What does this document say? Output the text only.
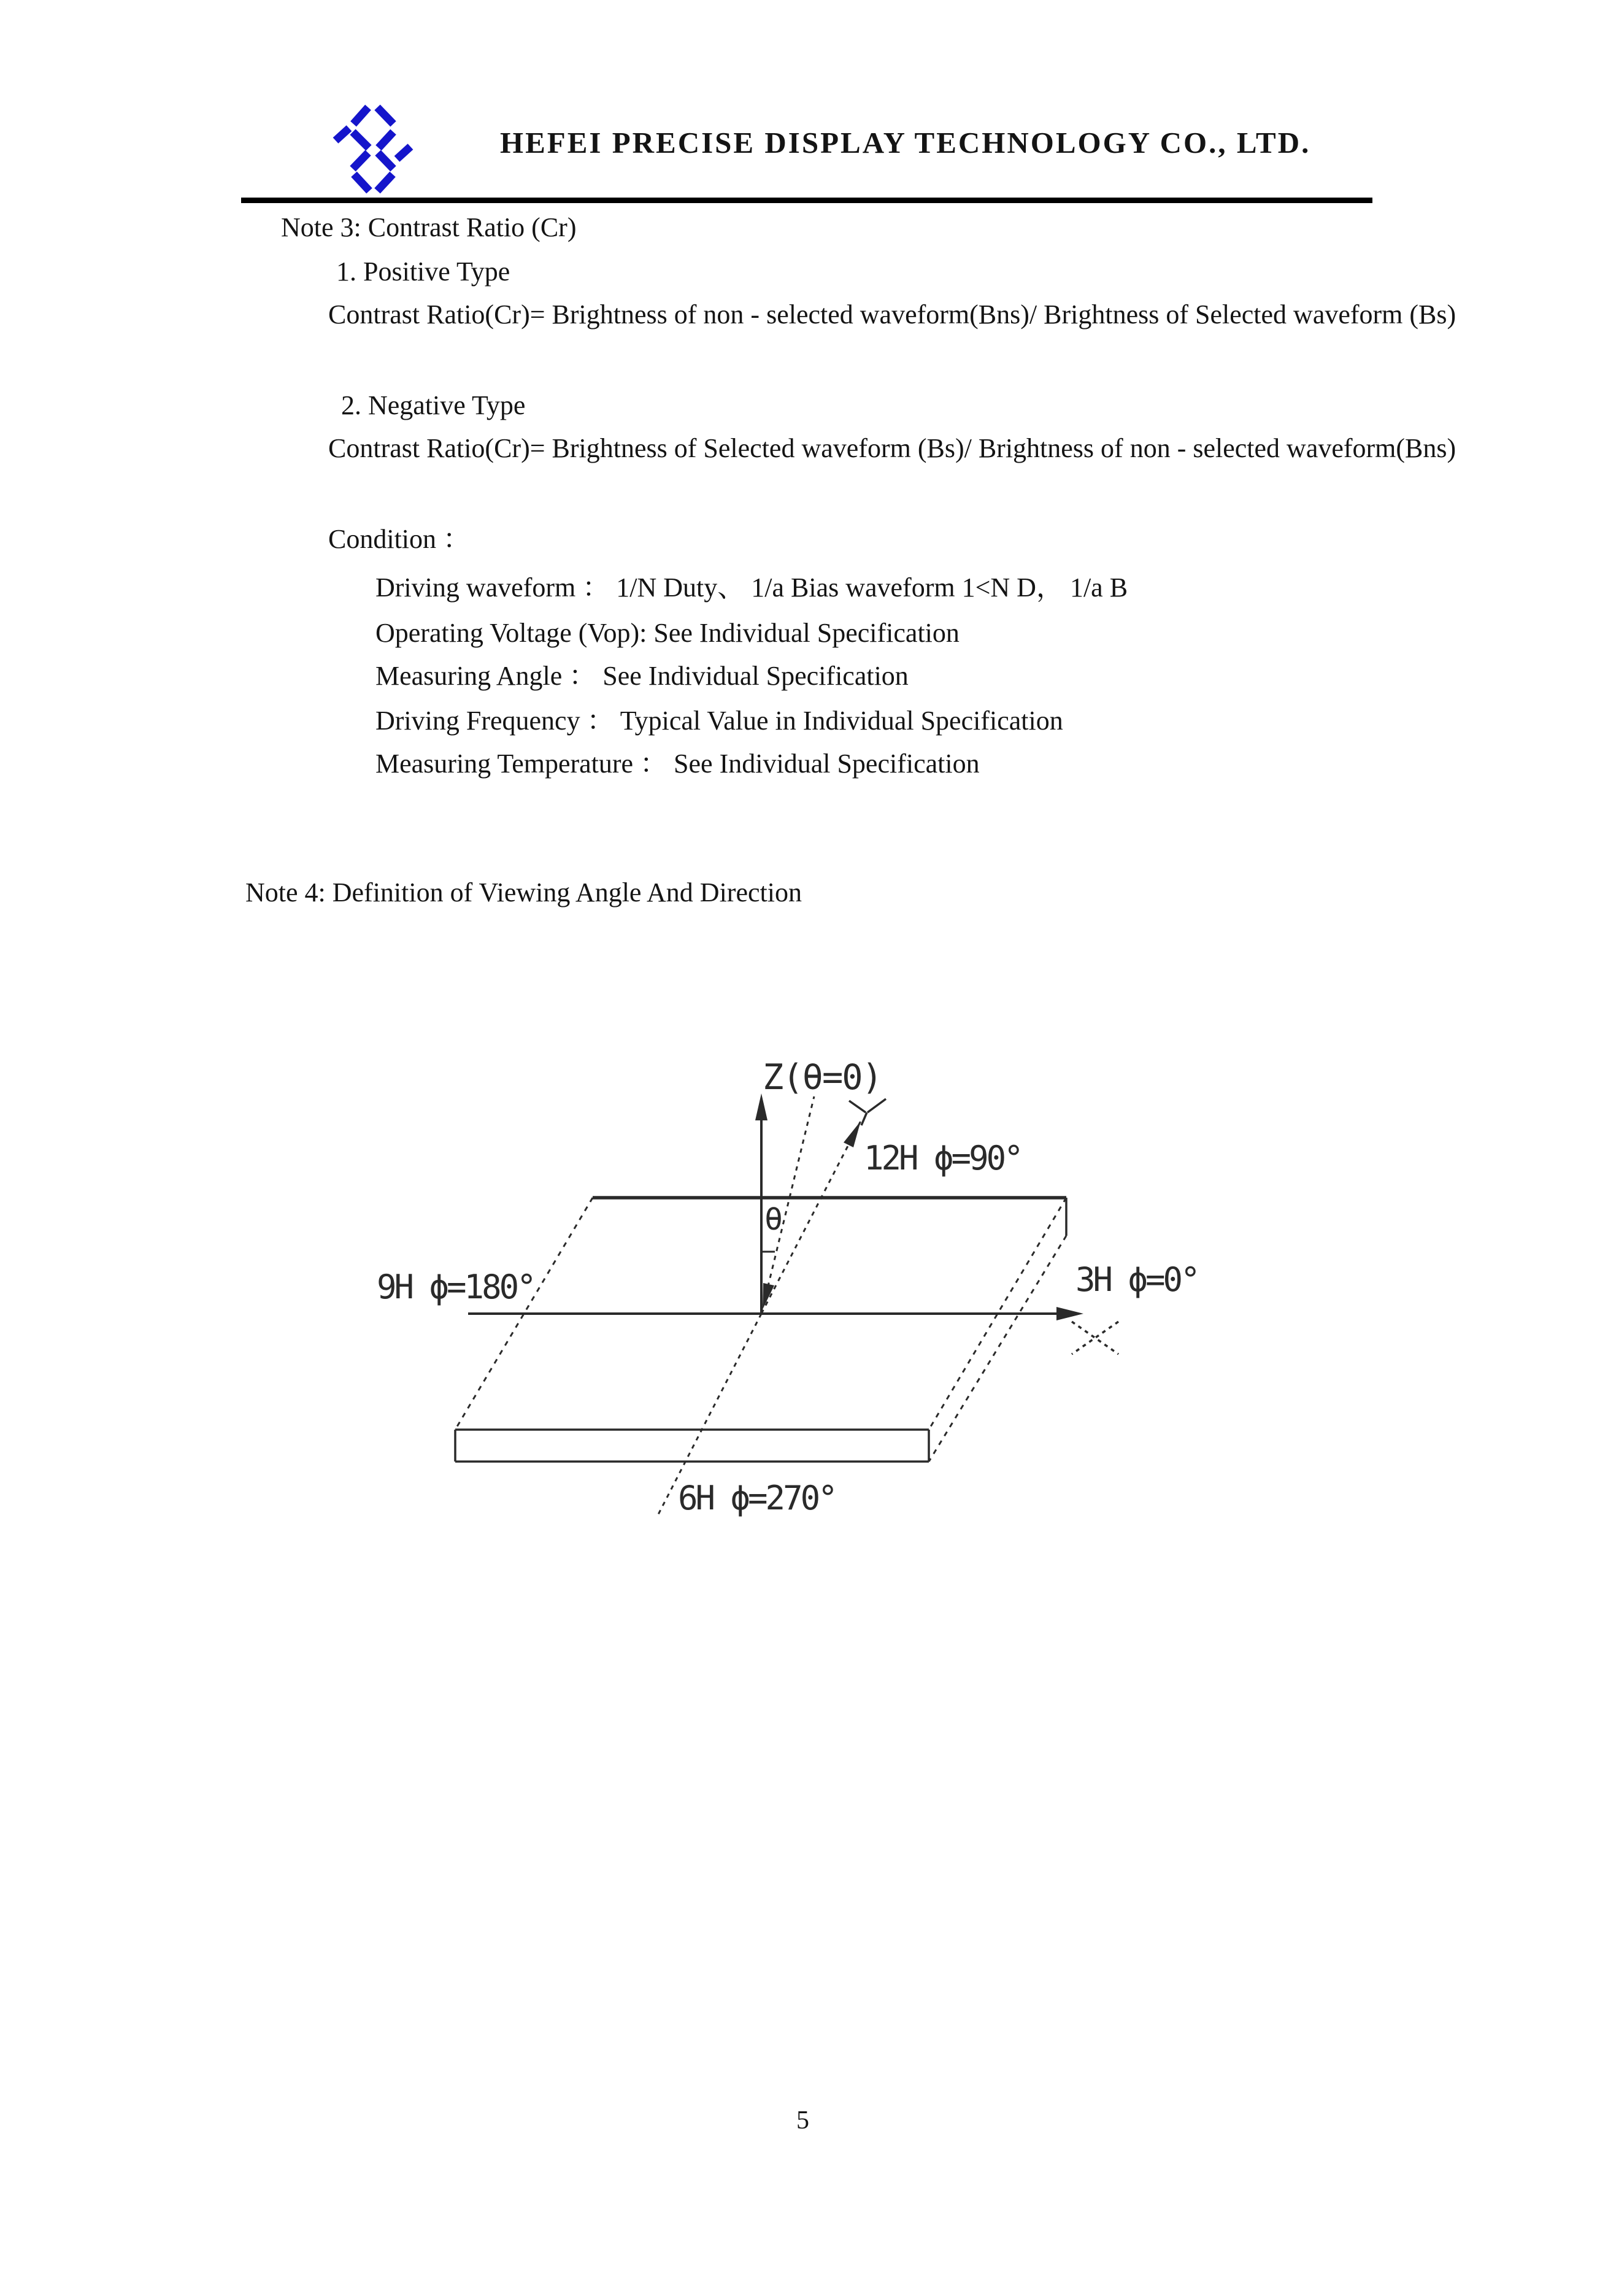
HEFEI PRECISE DISPLAY TECHNOLOGY CO., LTD.
Note 3: Contrast Ratio (Cr)
1. Positive Type
Contrast Ratio(Cr)= Brightness of non - selected waveform(Bns)/ Brightness of Selected waveform (Bs)
2. Negative Type
Contrast Ratio(Cr)= Brightness of Selected waveform (Bs)/ Brightness of non - selected waveform(Bns)
Condition ：
Driving waveform ： 1/N Duty、 1/a Bias waveform 1<N D， 1/a B
Operating Voltage (Vop): See Individual Specification
Measuring Angle ： See Individual Specification
Driving Frequency ： Typical Value in Individual Specification
Measuring Temperature ： See Individual Specification
Note 4: Definition of Viewing Angle And Direction
Z(θ=0)
12H ϕ=90°
9H ϕ=180°	3H ϕ=0°
6H ϕ=270°
θ
5
